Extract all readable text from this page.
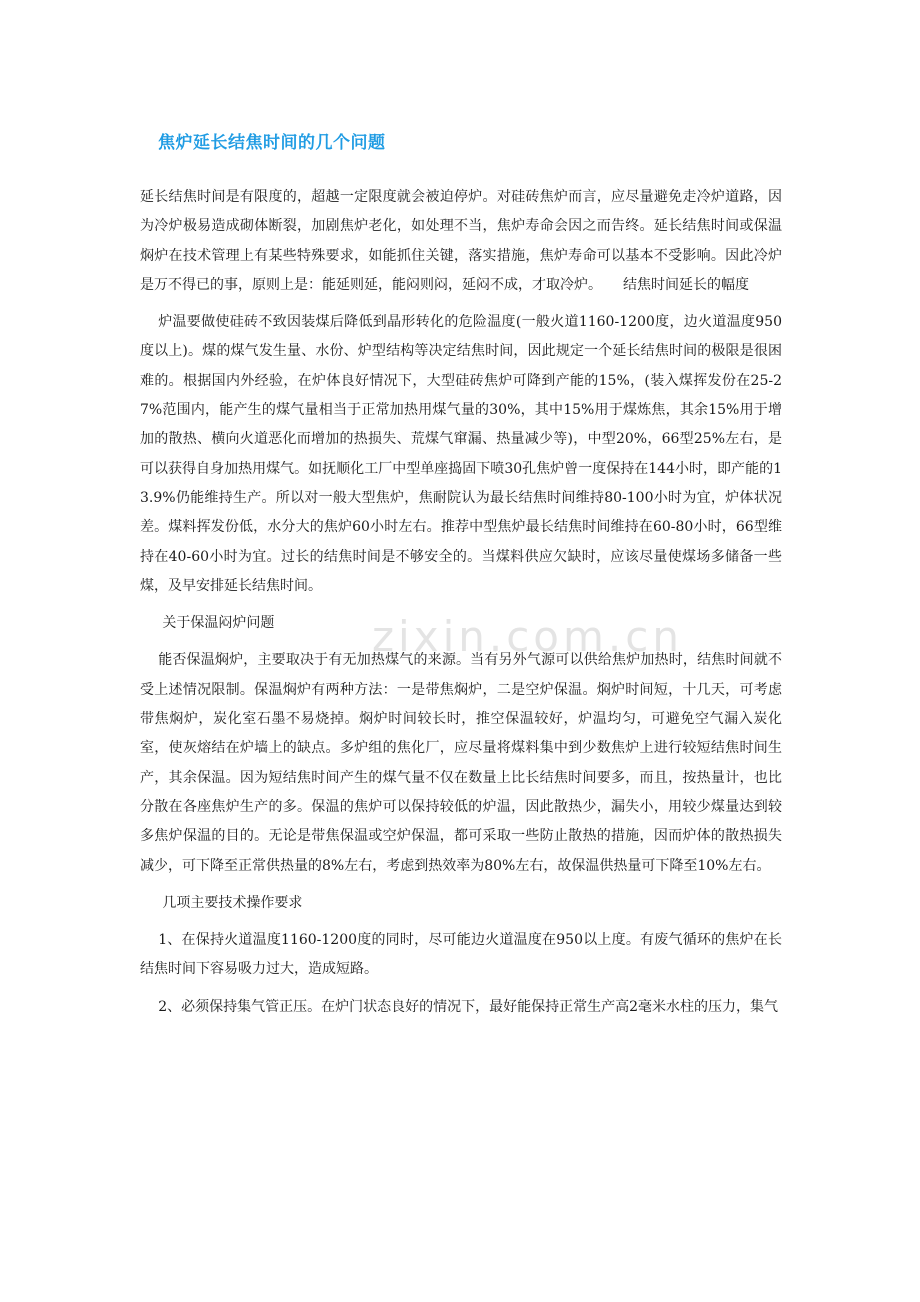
焦炉延长结焦时间的几个问题

延长结焦时间是有限度的，超越一定限度就会被迫停炉。对硅砖焦炉而言，应尽量避免走冷炉道路，因为冷炉极易造成砌体断裂，加剧焦炉老化，如处理不当，焦炉寿命会因之而告终。延长结焦时间或保温焖炉在技术管理上有某些特殊要求，如能抓住关键，落实措施，焦炉寿命可以基本不受影响。因此冷炉是万不得已的事，原则上是：能延则延，能闷则闷，延闷不成，才取冷炉。　　结焦时间延长的幅度

炉温要做使硅砖不致因装煤后降低到晶形转化的危险温度(一般火道1160-1200度，边火道温度950度以上)。煤的煤气发生量、水份、炉型结构等决定结焦时间，因此规定一个延长结焦时间的极限是很困难的。根据国内外经验，在炉体良好情况下，大型硅砖焦炉可降到产能的15%，(装入煤挥发份在25-27%范围内，能产生的煤气量相当于正常加热用煤气量的30%，其中15%用于煤炼焦，其余15%用于增加的散热、横向火道恶化而增加的热损失、荒煤气窜漏、热量减少等)，中型20%，66型25%左右，是可以获得自身加热用煤气。如抚顺化工厂中型单座捣固下喷30孔焦炉曾一度保持在144小时，即产能的13.9%仍能维持生产。所以对一般大型焦炉，焦耐院认为最长结焦时间维持80-100小时为宜，炉体状况差。煤料挥发份低，水分大的焦炉60小时左右。推荐中型焦炉最长结焦时间维持在60-80小时，66型维持在40-60小时为宜。过长的结焦时间是不够安全的。当煤料供应欠缺时，应该尽量使煤场多储备一些煤，及早安排延长结焦时间。

关于保温闷炉问题

能否保温焖炉，主要取决于有无加热煤气的来源。当有另外气源可以供给焦炉加热时，结焦时间就不受上述情况限制。保温焖炉有两种方法：一是带焦焖炉，二是空炉保温。焖炉时间短，十几天，可考虑带焦焖炉，炭化室石墨不易烧掉。焖炉时间较长时，推空保温较好，炉温均匀，可避免空气漏入炭化室，使灰熔结在炉墙上的缺点。多炉组的焦化厂，应尽量将煤料集中到少数焦炉上进行较短结焦时间生产，其余保温。因为短结焦时间产生的煤气量不仅在数量上比长结焦时间要多，而且，按热量计，也比分散在各座焦炉生产的多。保温的焦炉可以保持较低的炉温，因此散热少，漏失小，用较少煤量达到较多焦炉保温的目的。无论是带焦保温或空炉保温，都可采取一些防止散热的措施，因而炉体的散热损失减少，可下降至正常供热量的8%左右，考虑到热效率为80%左右，故保温供热量可下降至10%左右。

几项主要技术操作要求

1、在保持火道温度1160-1200度的同时，尽可能边火道温度在950以上度。有废气循环的焦炉在长结焦时间下容易吸力过大，造成短路。

2、必须保持集气管正压。在炉门状态良好的情况下，最好能保持正常生产高2毫米水柱的压力，集气

zixin.com.cn
